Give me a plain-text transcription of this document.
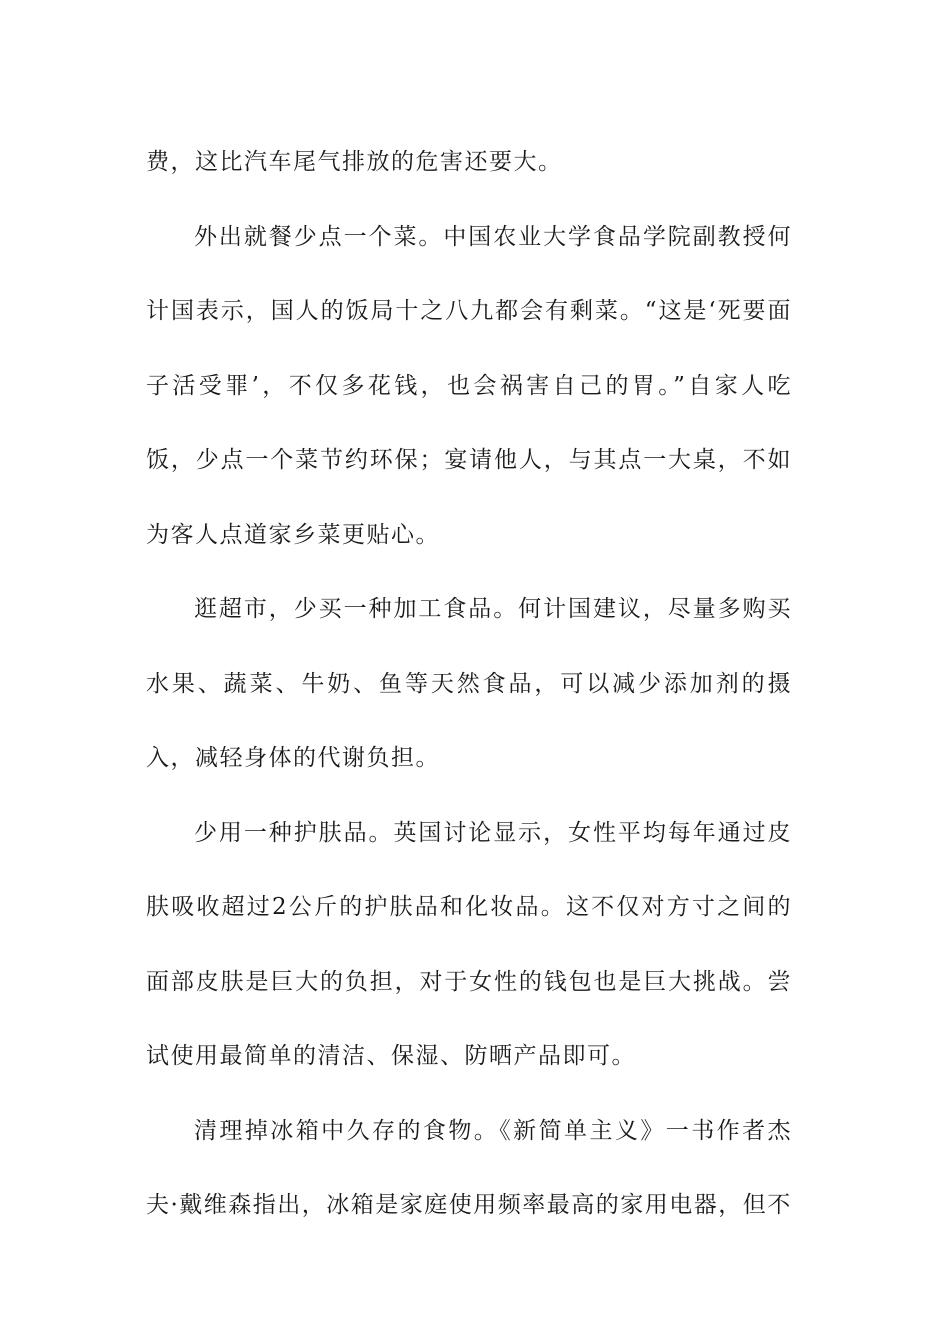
费，这比汽车尾气排放的危害还要大。

外出就餐少点一个菜。中国农业大学食品学院副教授何计国表示，国人的饭局十之八九都会有剩菜。“这是‘死要面子活受罪’，不仅多花钱，也会祸害自己的胃。”自家人吃饭，少点一个菜节约环保；宴请他人，与其点一大桌，不如为客人点道家乡菜更贴心。

逛超市，少买一种加工食品。何计国建议，尽量多购买水果、蔬菜、牛奶、鱼等天然食品，可以减少添加剂的摄入，减轻身体的代谢负担。

少用一种护肤品。英国讨论显示，女性平均每年通过皮肤吸收超过2公斤的护肤品和化妆品。这不仅对方寸之间的面部皮肤是巨大的负担，对于女性的钱包也是巨大挑战。尝试使用最简单的清洁、保湿、防晒产品即可。

清理掉冰箱中久存的食物。《新简单主义》一书作者杰夫·戴维森指出，冰箱是家庭使用频率最高的家用电器，但不
